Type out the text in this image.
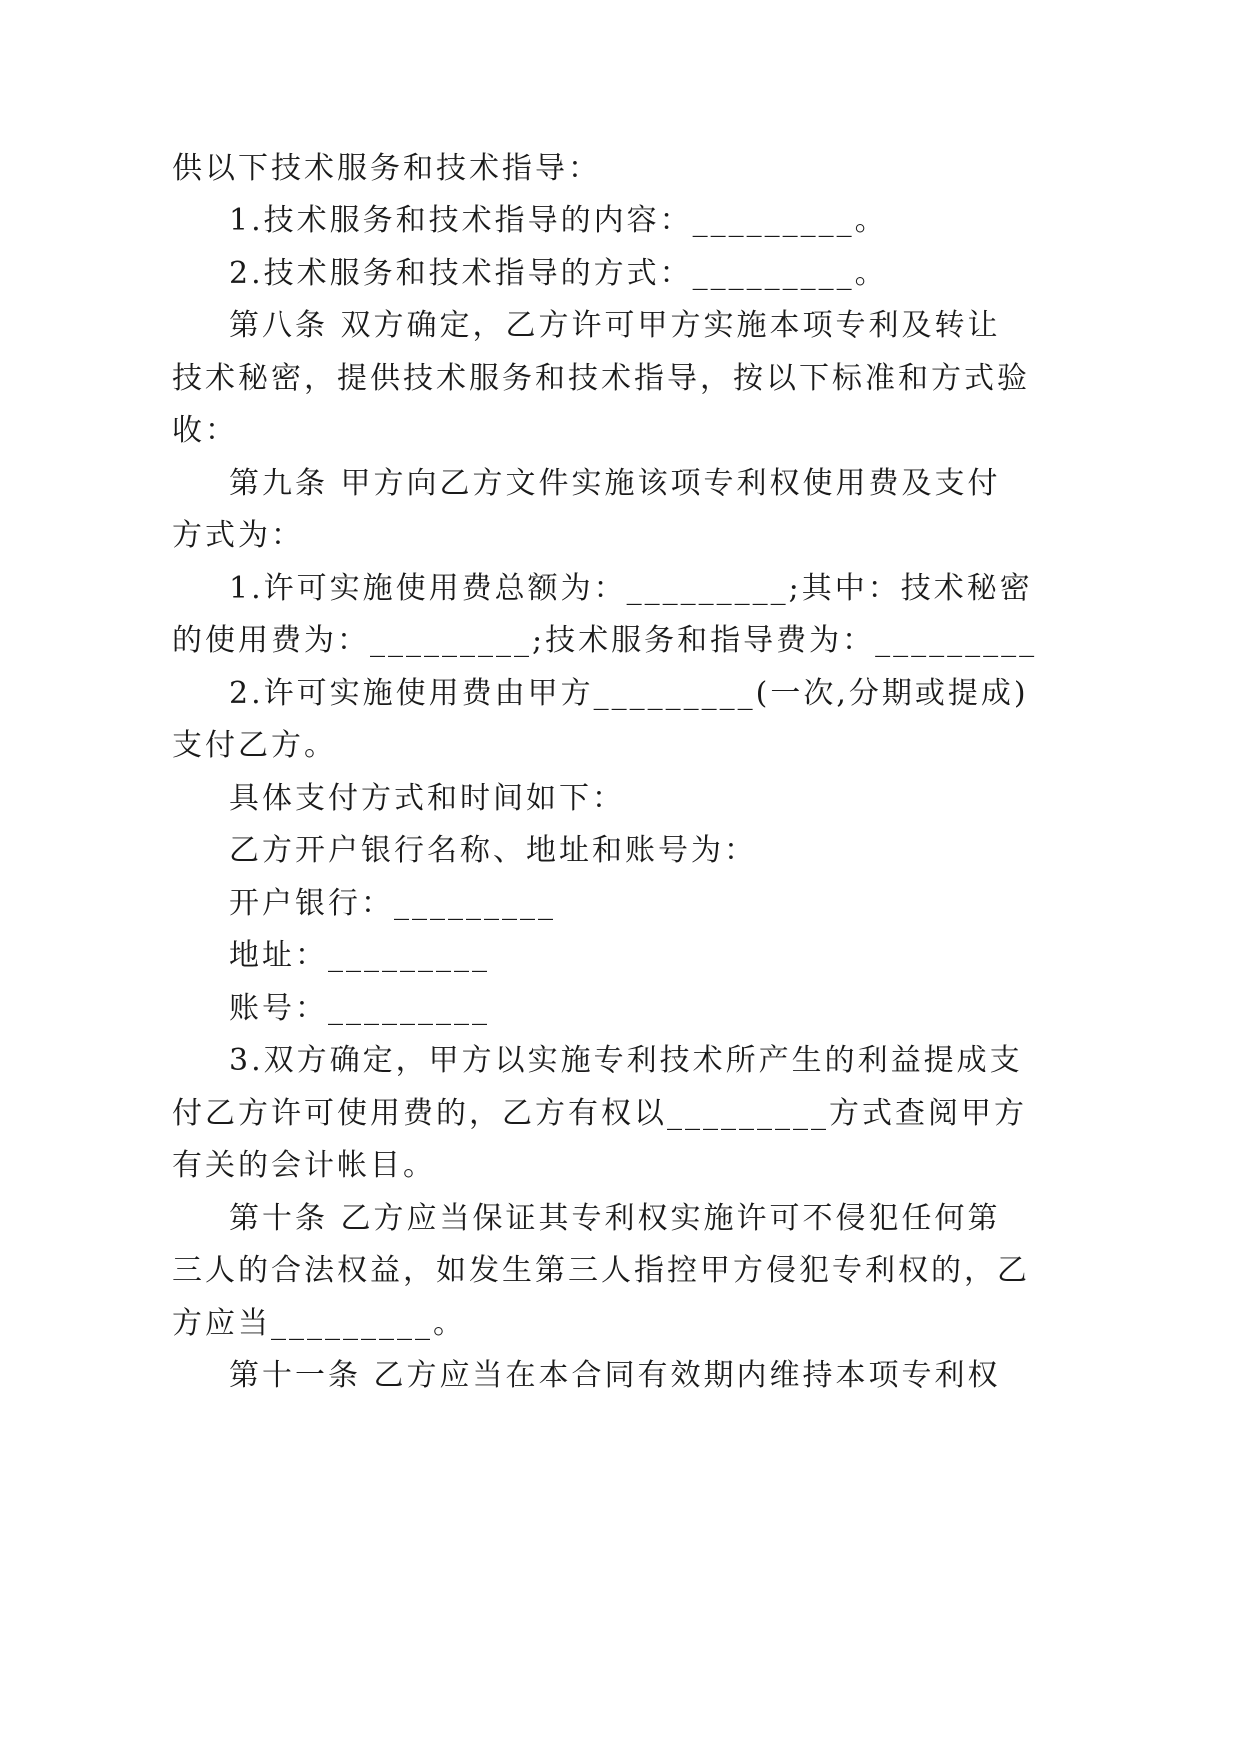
供以下技术服务和技术指导：
1.技术服务和技术指导的内容：_________。
2.技术服务和技术指导的方式：_________。
第八条 双方确定，乙方许可甲方实施本项专利及转让
技术秘密，提供技术服务和技术指导，按以下标准和方式验
收：
第九条 甲方向乙方文件实施该项专利权使用费及支付
方式为：
1.许可实施使用费总额为：_________;其中：技术秘密
的使用费为：_________;技术服务和指导费为：_________
2.许可实施使用费由甲方_________(一次,分期或提成)
支付乙方。
具体支付方式和时间如下：
乙方开户银行名称、地址和账号为：
开户银行：_________
地址：_________
账号：_________
3.双方确定，甲方以实施专利技术所产生的利益提成支
付乙方许可使用费的，乙方有权以_________方式查阅甲方
有关的会计帐目。
第十条 乙方应当保证其专利权实施许可不侵犯任何第
三人的合法权益，如发生第三人指控甲方侵犯专利权的，乙
方应当_________。
第十一条 乙方应当在本合同有效期内维持本项专利权
